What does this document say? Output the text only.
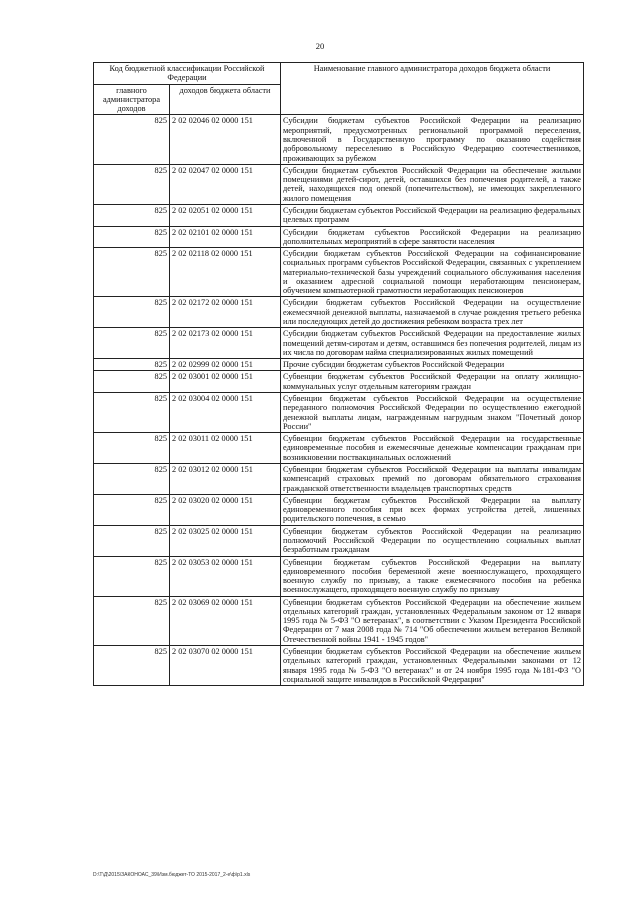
20
Код бюджетной классификации Российской Федерации		Наименование главного администратора доходов бюджета области
главного администратора доходов	доходов бюджета области	
825	2 02 02046 02 0000 151	Субсидии бюджетам субъектов Российской Федерации на реализацию мероприятий, предусмотренных региональной программой переселения, включенной в Государственную программу по оказанию содействия добровольному переселению в Российскую Федерацию соотечественников, проживающих за рубежом
825	2 02 02047 02 0000 151	Субсидии бюджетам субъектов Российской Федерации на обеспечение жилыми помещениями детей-сирот, детей, оставшихся без попечения родителей, а также детей, находящихся под опекой (попечительством), не имеющих закрепленного жилого помещения
825	2 02 02051 02 0000 151	Субсидии бюджетам субъектов Российской Федерации на реализацию федеральных целевых программ
825	2 02 02101 02 0000 151	Субсидии бюджетам субъектов Российской Федерации на реализацию дополнительных мероприятий в сфере занятости населения
825	2 02 02118 02 0000 151	Субсидии бюджетам субъектов Российской Федерации на софинансирование социальных программ субъектов Российской Федерации, связанных с укреплением материально-технической базы учреждений социального обслуживания населения и оказанием адресной социальной помощи неработающим пенсионерам, обучением компьютерной грамотности неработающих пенсионеров
825	2 02 02172 02 0000 151	Субсидии бюджетам субъектов Российской Федерации на осуществление ежемесячной денежной выплаты, назначаемой в случае рождения третьего ребенка или последующих детей до достижения ребенком возраста трех лет
825	2 02 02173 02 0000 151	Субсидии бюджетам субъектов Российской Федерации на предоставление жилых помещений детям-сиротам и детям, оставшимся без попечения родителей, лицам из их числа по договорам найма специализированных жилых помещений
825	2 02 02999 02 0000 151	Прочие субсидии бюджетам субъектов Российской Федерации
825	2 02 03001 02 0000 151	Субвенции бюджетам субъектов Российской Федерации на оплату жилищно-коммунальных услуг отдельным категориям граждан
825	2 02 03004 02 0000 151	Субвенции бюджетам субъектов Российской Федерации на осуществление переданного полномочия Российской Федерации по осуществлению ежегодной денежной выплаты лицам, награжденным нагрудным знаком "Почетный донор России"
825	2 02 03011 02 0000 151	Субвенции бюджетам субъектов Российской Федерации на государственные единовременные пособия и ежемесячные денежные компенсации гражданам при возникновении поствакцинальных осложнений
825	2 02 03012 02 0000 151	Субвенции бюджетам субъектов Российской Федерации на выплаты инвалидам компенсаций страховых премий по договорам обязательного страхования гражданской ответственности владельцев транспортных средств
825	2 02 03020 02 0000 151	Субвенции бюджетам субъектов Российской Федерации на выплату единовременного пособия при всех формах устройства детей, лишенных родительского попечения, в семью
825	2 02 03025 02 0000 151	Субвенции бюджетам субъектов Российской Федерации на реализацию полномочий Российской Федерации по осуществлению социальных выплат безработным гражданам
825	2 02 03053 02 0000 151	Субвенции бюджетам субъектов Российской Федерации на выплату единовременного пособия беременной жене военнослужащего, проходящего военную службу по призыву, а также ежемесячного пособия на ребенка военнослужащего, проходящего военную службу по призыву
825	2 02 03069 02 0000 151	Субвенции бюджетам субъектов Российской Федерации на обеспечение жильем отдельных категорий граждан, установленных Федеральным законом от 12 января 1995 года № 5-ФЗ "О ветеранах", в соответствии с Указом Президента Российской Федерации от 7 мая 2008 года № 714 "Об обеспечении жильем ветеранов Великой Отечественной войны 1941 - 1945 годов"
825	2 02 03070 02 0000 151	Субвенции бюджетам субъектов Российской Федерации на обеспечение жильем отдельных категорий граждан, установленных Федеральными законами от 12 января 1995 года № 5-ФЗ "О ветеранах" и от 24 ноября 1995 года №181-ФЗ "О социальной защите инвалидов в Российской Федерации"
D:\Т\Д\2015\ЗАКОНОАС_39\Изм.бюджет-ТО 2015-2017_2-е\ф\р1.xls
